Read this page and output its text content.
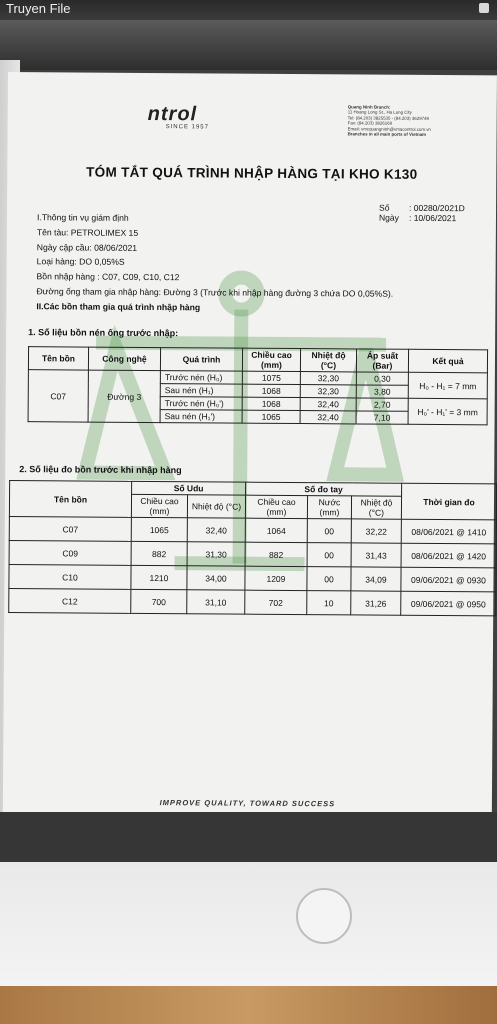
Truyen File
ntrol
SINCE 1957
Quang Ninh Branch:
11 Hoang Long St., Ha Long City
Tel: (84.203) 3825535 - (84.203) 3629749
Fax: (84.203) 3826169
Email: vmcquangninh@vmacontrol.com.vn
Branches in all main ports of Vietnam
TÓM TẮT QUÁ TRÌNH NHẬP HÀNG TẠI KHO K130
Số : 00280/2021D
Ngày : 10/06/2021
I.Thông tin vụ giám định
Tên tàu: PETROLIMEX 15
Ngày cập cầu: 08/06/2021
Loại hàng: DO 0,05%S
Bồn nhập hàng : C07, C09, C10, C12
Đường ống tham gia nhập hàng: Đường 3 (Trước khi nhập hàng đường 3 chứa DO 0,05%S).
II.Các bồn tham gia quá trình nhập hàng
1. Số liệu bồn nén ống trước nhập:
Tên bồn	Công nghệ	Quá trình	Chiều cao (mm)	Nhiệt độ (°C)	Áp suất (Bar)	Kết quả
C07	Đường 3	Trước nén (H₀)	1075	32,30	0,30	H₀ - H₁ = 7 mm
		Sau nén (H₁)	1068	32,30	3,80	
		Trước nén (H₀')	1068	32,40	2,70	H₀' - H₁' = 3 mm
		Sau nén (H₁')	1065	32,40	7,10	
2. Số liệu đo bồn trước khi nhập hàng
Tên bồn	Số Udu		Số đo tay			Thời gian đo
	Chiều cao (mm)	Nhiệt độ (°C)	Chiều cao (mm)	Nước (mm)	Nhiệt độ (°C)	
C07	1065	32,40	1064	00	32,22	08/06/2021 @ 1410
C09	882	31,30	882	00	31,43	08/06/2021 @ 1420
C10	1210	34,00	1209	00	34,09	09/06/2021 @ 0930
C12	700	31,10	702	10	31,26	09/06/2021 @ 0950
IMPROVE QUALITY, TOWARD SUCCESS
